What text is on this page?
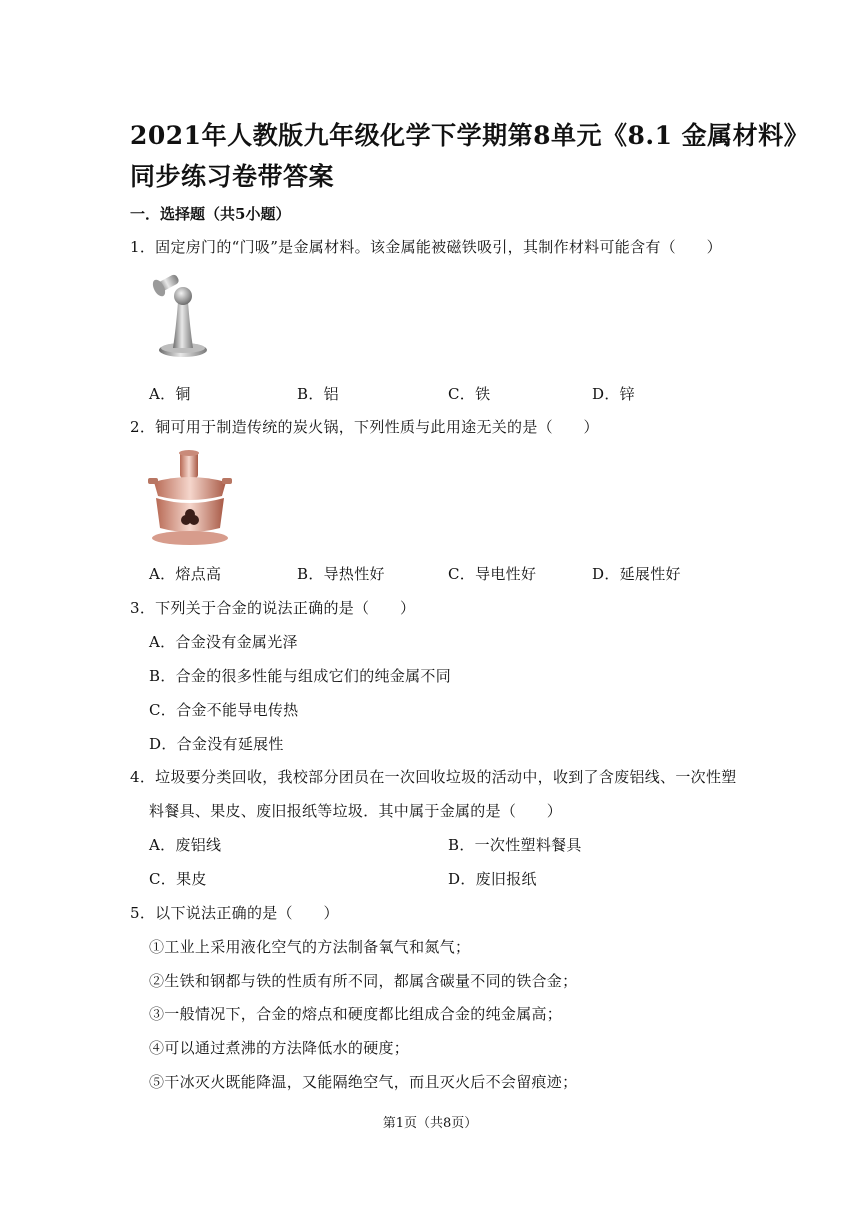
2021年人教版九年级化学下学期第8单元《8.1 金属材料》
同步练习卷带答案
一．选择题（共5小题）
1．固定房门的“门吸”是金属材料。该金属能被磁铁吸引，其制作材料可能含有（　　）
A．铜	B．铝	C．铁	D．锌
2．铜可用于制造传统的炭火锅，下列性质与此用途无关的是（　　）
A．熔点高	B．导热性好	C．导电性好	D．延展性好
3．下列关于合金的说法正确的是（　　）
A．合金没有金属光泽
B．合金的很多性能与组成它们的纯金属不同
C．合金不能导电传热
D．合金没有延展性
4．垃圾要分类回收，我校部分团员在一次回收垃圾的活动中，收到了含废铝线、一次性塑
料餐具、果皮、废旧报纸等垃圾．其中属于金属的是（　　）
A．废铝线	B．一次性塑料餐具
C．果皮	D．废旧报纸
5．以下说法正确的是（　　）
①工业上采用液化空气的方法制备氧气和氮气；
②生铁和钢都与铁的性质有所不同，都属含碳量不同的铁合金；
③一般情况下，合金的熔点和硬度都比组成合金的纯金属高；
④可以通过煮沸的方法降低水的硬度；
⑤干冰灭火既能降温，又能隔绝空气，而且灭火后不会留痕迹；
第1页（共8页）
